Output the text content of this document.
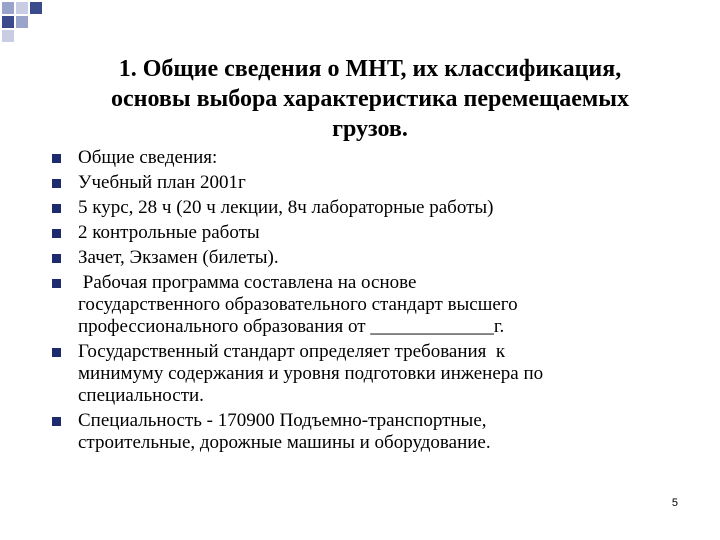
1. Общие сведения о МНТ, их классификация,
основы выбора характеристика перемещаемых
грузов.
Общие сведения:
Учебный план 2001г
5 курс, 28 ч (20 ч лекции, 8ч лабораторные работы)
2 контрольные работы
Зачет, Экзамен (билеты).
Рабочая программа составлена на основе
государственного образовательного стандарт высшего
профессионального образования от _____________г.
Государственный стандарт определяет требования  к
минимуму содержания и уровня подготовки инженера по
специальности.
Специальность - 170900 Подъемно-транспортные,
строительные, дорожные машины и оборудование.
5
